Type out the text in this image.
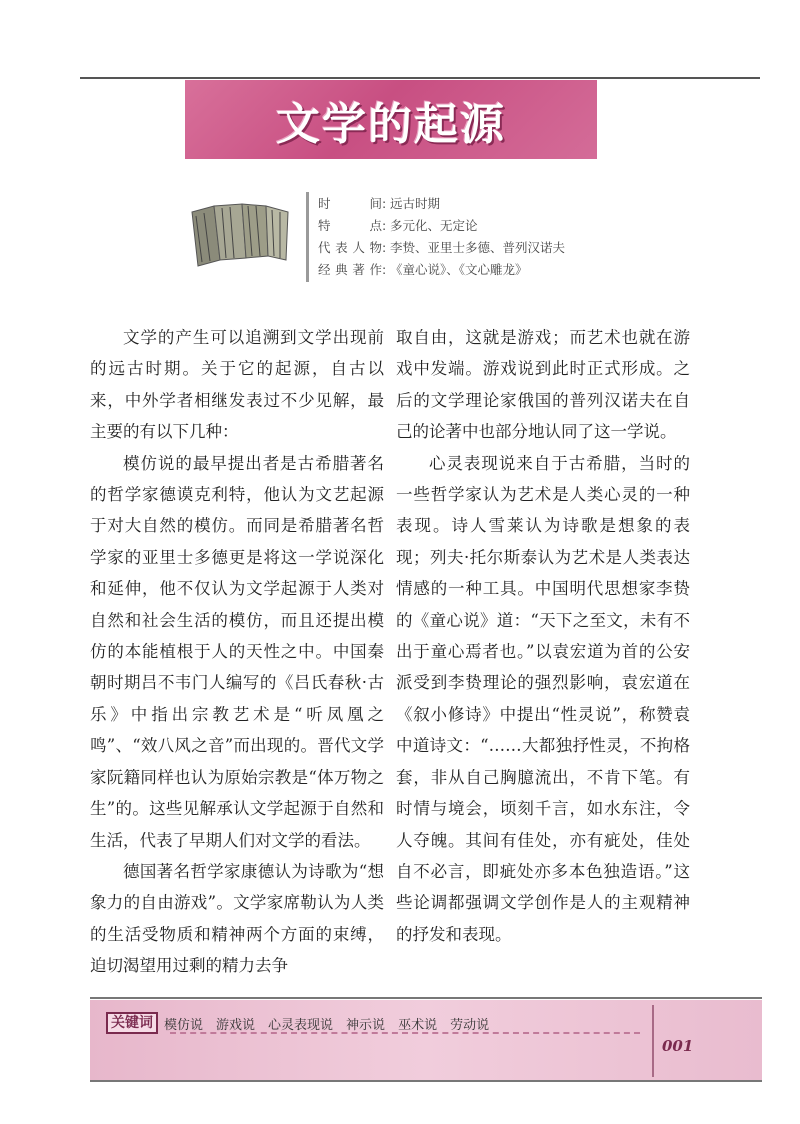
文学的起源
时间 : 远古时期
特点 : 多元化、无定论
代表人物 : 李贽、亚里士多德、普列汉诺夫
经典著作 : 《童心说》、《文心雕龙》

文学的产生可以追溯到文学出现前的远古时期。关于它的起源，自古以来，中外学者相继发表过不少见解，最主要的有以下几种：

模仿说的最早提出者是古希腊著名的哲学家德谟克利特，他认为文艺起源于对大自然的模仿。而同是希腊著名哲学家的亚里士多德更是将这一学说深化和延伸，他不仅认为文学起源于人类对自然和社会生活的模仿，而且还提出模仿的本能植根于人的天性之中。中国秦朝时期吕不韦门人编写的《吕氏春秋·古乐》中指出宗教艺术是“听凤凰之鸣”、“效八风之音”而出现的。晋代文学家阮籍同样也认为原始宗教是“体万物之生”的。这些见解承认文学起源于自然和生活，代表了早期人们对文学的看法。

德国著名哲学家康德认为诗歌为“想象力的自由游戏”。文学家席勒认为人类的生活受物质和精神两个方面的束缚，迫切渴望用过剩的精力去争

取自由，这就是游戏；而艺术也就在游戏中发端。游戏说到此时正式形成。之后的文学理论家俄国的普列汉诺夫在自己的论著中也部分地认同了这一学说。

心灵表现说来自于古希腊，当时的一些哲学家认为艺术是人类心灵的一种表现。诗人雪莱认为诗歌是想象的表现；列夫·托尔斯泰认为艺术是人类表达情感的一种工具。中国明代思想家李贽的《童心说》道：“天下之至文，未有不出于童心焉者也。”以袁宏道为首的公安派受到李贽理论的强烈影响，袁宏道在《叙小修诗》中提出“性灵说”，称赞袁中道诗文：“……大都独抒性灵，不拘格套，非从自己胸臆流出，不肯下笔。有时情与境会，顷刻千言，如水东注，令人夺魄。其间有佳处，亦有疵处，佳处自不必言，即疵处亦多本色独造语。”这些论调都强调文学创作是人的主观精神的抒发和表现。

关键词 模仿说 游戏说 心灵表现说 神示说 巫术说 劳动说
001
